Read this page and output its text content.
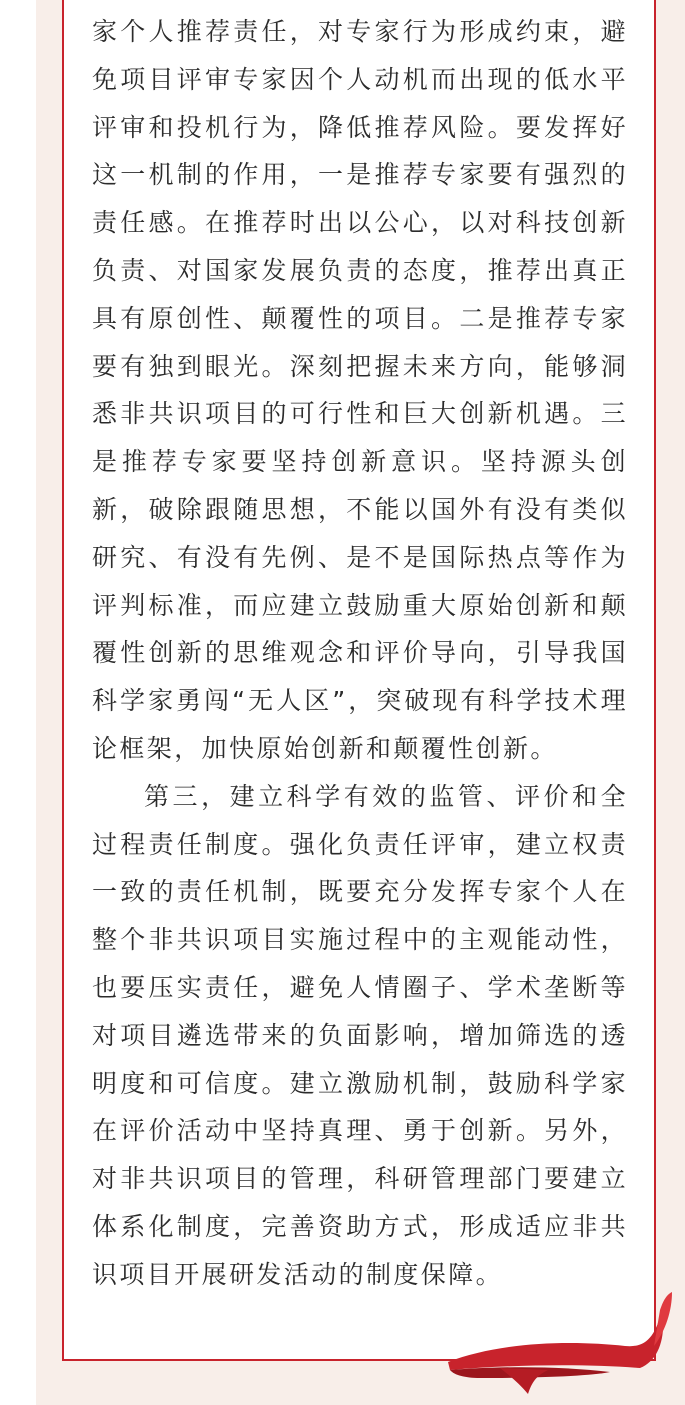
家个人推荐责任，对专家行为形成约束，避免项目评审专家因个人动机而出现的低水平评审和投机行为，降低推荐风险。要发挥好这一机制的作用，一是推荐专家要有强烈的责任感。在推荐时出以公心，以对科技创新负责、对国家发展负责的态度，推荐出真正具有原创性、颠覆性的项目。二是推荐专家要有独到眼光。深刻把握未来方向，能够洞悉非共识项目的可行性和巨大创新机遇。三是推荐专家要坚持创新意识。坚持源头创新，破除跟随思想，不能以国外有没有类似研究、有没有先例、是不是国际热点等作为评判标准，而应建立鼓励重大原始创新和颠覆性创新的思维观念和评价导向，引导我国科学家勇闯“无人区”，突破现有科学技术理论框架，加快原始创新和颠覆性创新。

第三，建立科学有效的监管、评价和全过程责任制度。强化负责任评审，建立权责一致的责任机制，既要充分发挥专家个人在整个非共识项目实施过程中的主观能动性，也要压实责任，避免人情圈子、学术垄断等对项目遴选带来的负面影响，增加筛选的透明度和可信度。建立激励机制，鼓励科学家在评价活动中坚持真理、勇于创新。另外，对非共识项目的管理，科研管理部门要建立体系化制度，完善资助方式，形成适应非共识项目开展研发活动的制度保障。
